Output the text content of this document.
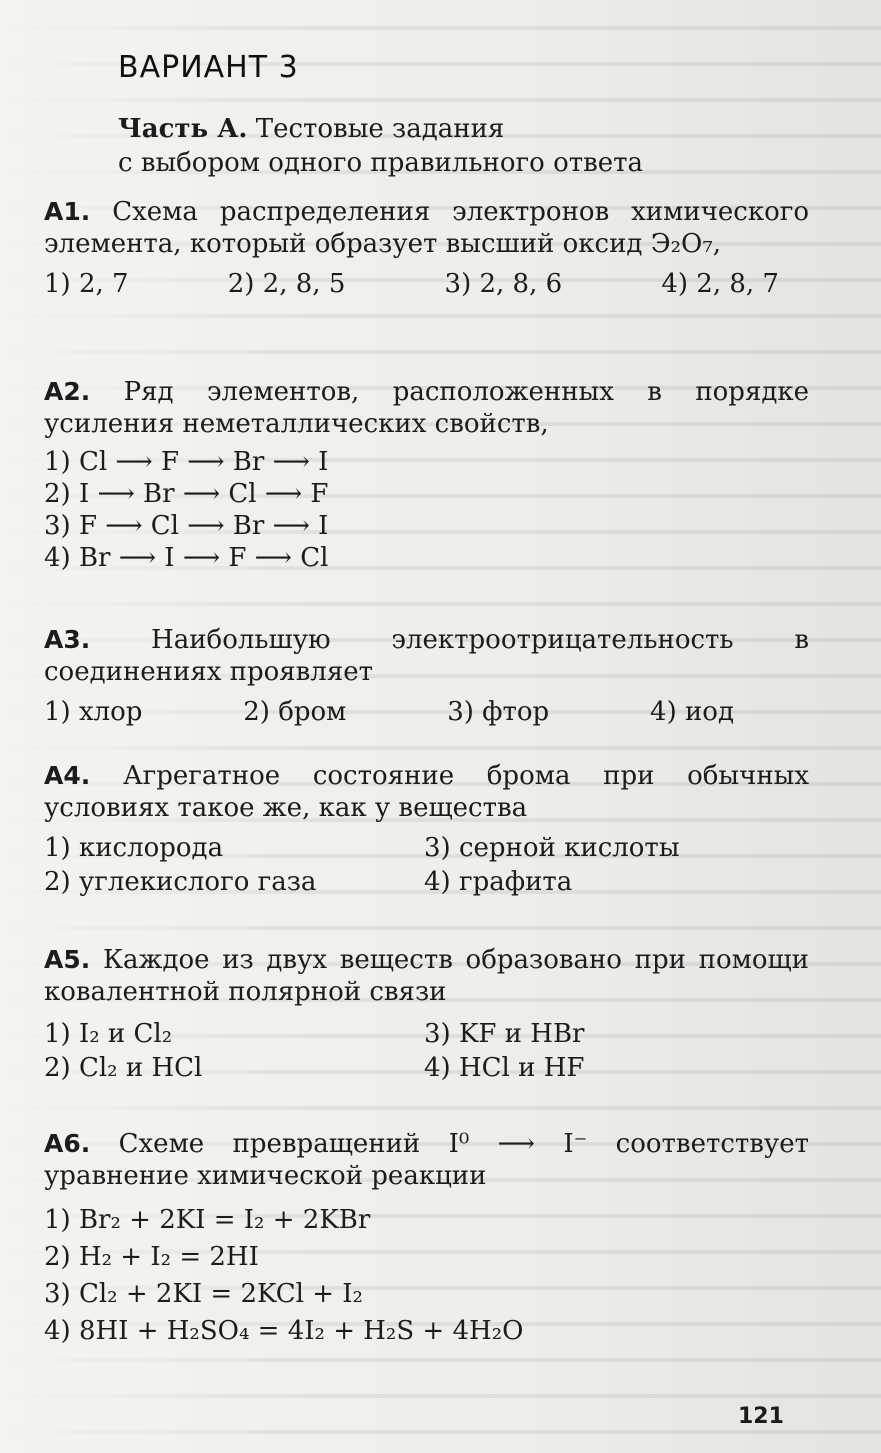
ВАРИАНТ 3
Часть А. Тестовые задания
с выбором одного правильного ответа
A1. Схема распределения электронов химического элемента, который образует высший оксид Э₂O₇,
1) 2, 7	2) 2, 8, 5	3) 2, 8, 6	4) 2, 8, 7
A2. Ряд элементов, расположенных в порядке усиления неметаллических свойств,
1) Cl ⟶ F ⟶ Br ⟶ I
2) I ⟶ Br ⟶ Cl ⟶ F
3) F ⟶ Cl ⟶ Br ⟶ I
4) Br ⟶ I ⟶ F ⟶ Cl
A3. Наибольшую электроотрицательность в соединениях проявляет
1) хлор	2) бром	3) фтор	4) иод
A4. Агрегатное состояние брома при обычных условиях такое же, как у вещества
1) кислорода	3) серной кислоты
2) углекислого газа	4) графита
A5. Каждое из двух веществ образовано при помощи ковалентной полярной связи
1) I₂ и Cl₂	3) KF и HBr
2) Cl₂ и HCl	4) HCl и HF
A6. Схеме превращений I⁰ ⟶ I⁻ соответствует уравнение химической реакции
1) Br₂ + 2KI = I₂ + 2KBr
2) H₂ + I₂ = 2HI
3) Cl₂ + 2KI = 2KCl + I₂
4) 8HI + H₂SO₄ = 4I₂ + H₂S + 4H₂O
121
